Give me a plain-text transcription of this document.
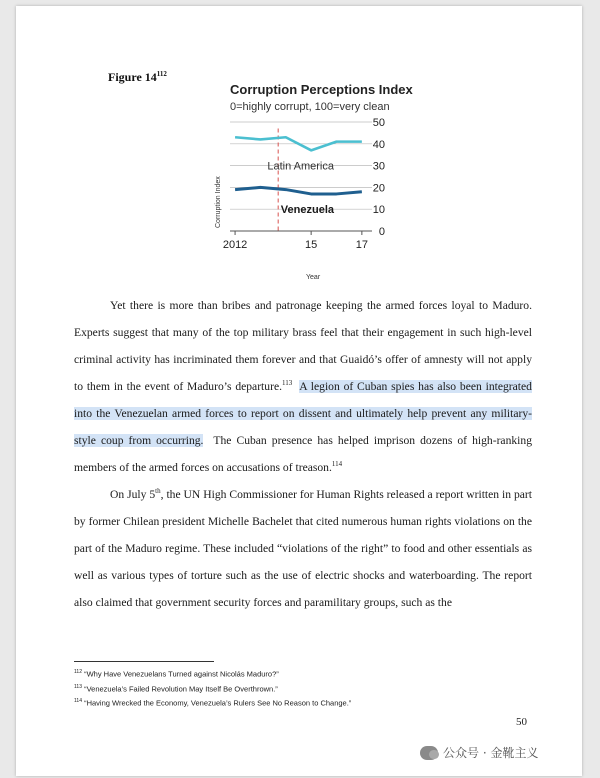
Figure $14^{112}$
Corruption Perceptions Index
0=highly corrupt, 100=very clean
0
10
20
30
40
50
Latin America
Venezuela
2012	15	17
Corruption Index
Year

Yet there is more than bribes and patronage keeping the armed forces loyal to Maduro. Experts suggest that many of the top military brass feel that their engagement in such high-level criminal activity has incriminated them forever and that Guaidó’s offer of amnesty will not apply to them in the event of Maduro’s departure.$^{113}$ A legion of Cuban spies has also been integrated into the Venezuelan armed forces to report on dissent and ultimately help prevent any military-style coup from occurring. The Cuban presence has helped imprison dozens of high-ranking members of the armed forces on accusations of treason.$^{114}$

On July 5th, the UN High Commissioner for Human Rights released a report written in part by former Chilean president Michelle Bachelet that cited numerous human rights violations on the part of the Maduro regime. These included “violations of the right” to food and other essentials as well as various types of torture such as the use of electric shocks and waterboarding. The report also claimed that government security forces and paramilitary groups, such as the

$^{112}$ “Why Have Venezuelans Turned against Nicolás Maduro?”
$^{113}$ “Venezuela’s Failed Revolution May Itself Be Overthrown.”
$^{114}$ “Having Wrecked the Economy, Venezuela’s Rulers See No Reason to Change.”
50
公众号 · 金靴主义
